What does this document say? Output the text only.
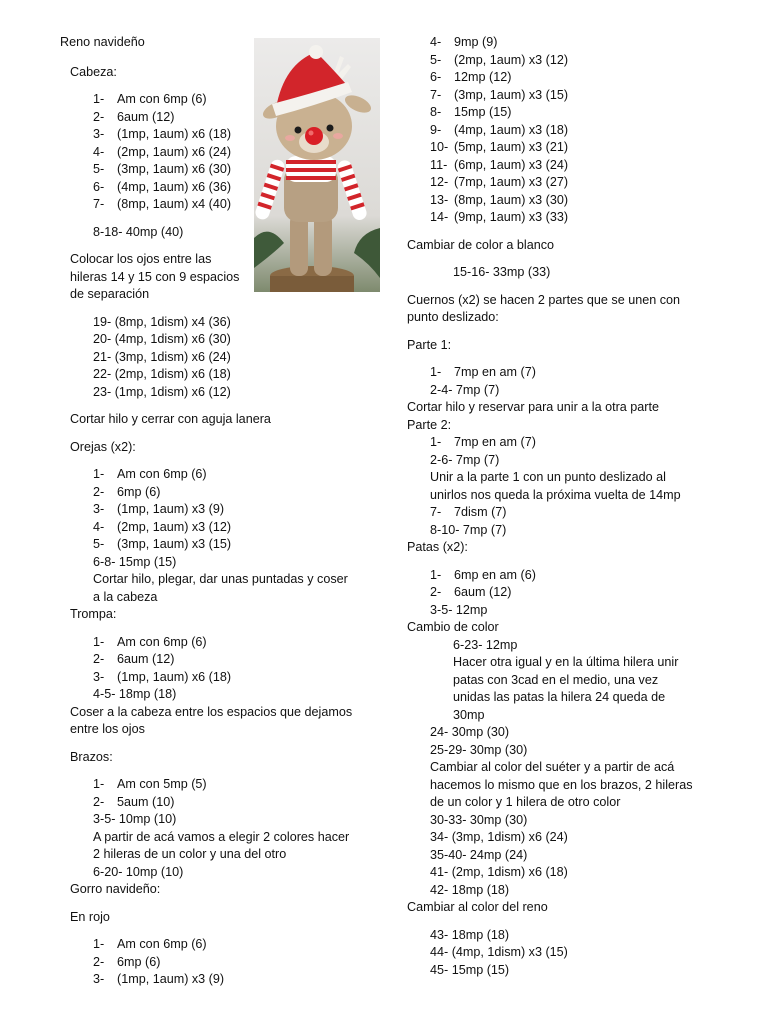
Reno navideño
Cabeza:
1- Am con 6mp (6)
2- 6aum (12)
3- (1mp, 1aum) x6 (18)
4- (2mp, 1aum) x6 (24)
5- (3mp, 1aum) x6 (30)
6- (4mp, 1aum) x6 (36)
7- (8mp, 1aum) x4 (40)
8-18- 40mp (40)
Colocar los ojos entre las
hileras 14 y 15 con 9 espacios
de separación
19- (8mp, 1dism) x4 (36)
20- (4mp, 1dism) x6 (30)
21- (3mp, 1dism) x6 (24)
22- (2mp, 1dism) x6 (18)
23- (1mp, 1dism) x6 (12)
Cortar hilo y cerrar con aguja lanera
Orejas (x2):
1- Am con 6mp (6)
2- 6mp (6)
3- (1mp, 1aum) x3 (9)
4- (2mp, 1aum) x3 (12)
5- (3mp, 1aum) x3 (15)
6-8- 15mp (15)
Cortar hilo, plegar, dar unas puntadas y coser
a la cabeza
Trompa:
1- Am con 6mp (6)
2- 6aum (12)
3- (1mp, 1aum) x6 (18)
4-5- 18mp (18)
Coser a la cabeza entre los espacios que dejamos
entre los ojos
Brazos:
1- Am con 5mp (5)
2- 5aum (10)
3-5- 10mp (10)
A partir de acá vamos a elegir 2 colores hacer
2 hileras de un color y una del otro
6-20- 10mp (10)
Gorro navideño:
En rojo
1- Am con 6mp (6)
2- 6mp (6)
3- (1mp, 1aum) x3 (9)
4- 9mp (9)
5- (2mp, 1aum) x3 (12)
6- 12mp (12)
7- (3mp, 1aum) x3 (15)
8- 15mp (15)
9- (4mp, 1aum) x3 (18)
10- (5mp, 1aum) x3 (21)
11- (6mp, 1aum) x3 (24)
12- (7mp, 1aum) x3 (27)
13- (8mp, 1aum) x3 (30)
14- (9mp, 1aum) x3 (33)
Cambiar de color a blanco
15-16- 33mp (33)
Cuernos (x2) se hacen 2 partes que se unen con
punto deslizado:
Parte 1:
1- 7mp en am (7)
2-4- 7mp (7)
Cortar hilo y reservar para unir a la otra parte
Parte 2:
1- 7mp en am (7)
2-6- 7mp (7)
Unir a la parte 1 con un punto deslizado al
unirlos nos queda la próxima vuelta de 14mp
7- 7dism (7)
8-10- 7mp (7)
Patas (x2):
1- 6mp en am (6)
2- 6aum (12)
3-5- 12mp
Cambio de color
6-23- 12mp
Hacer otra igual y en la última hilera unir
patas con 3cad en el medio, una vez
unidas las patas la hilera 24 queda de
30mp
24- 30mp (30)
25-29- 30mp (30)
Cambiar al color del suéter y a partir de acá
hacemos lo mismo que en los brazos, 2 hileras
de un color y 1 hilera de otro color
30-33- 30mp (30)
34- (3mp, 1dism) x6 (24)
35-40- 24mp (24)
41- (2mp, 1dism) x6 (18)
42- 18mp (18)
Cambiar al color del reno
43- 18mp (18)
44- (4mp, 1dism) x3 (15)
45- 15mp (15)
